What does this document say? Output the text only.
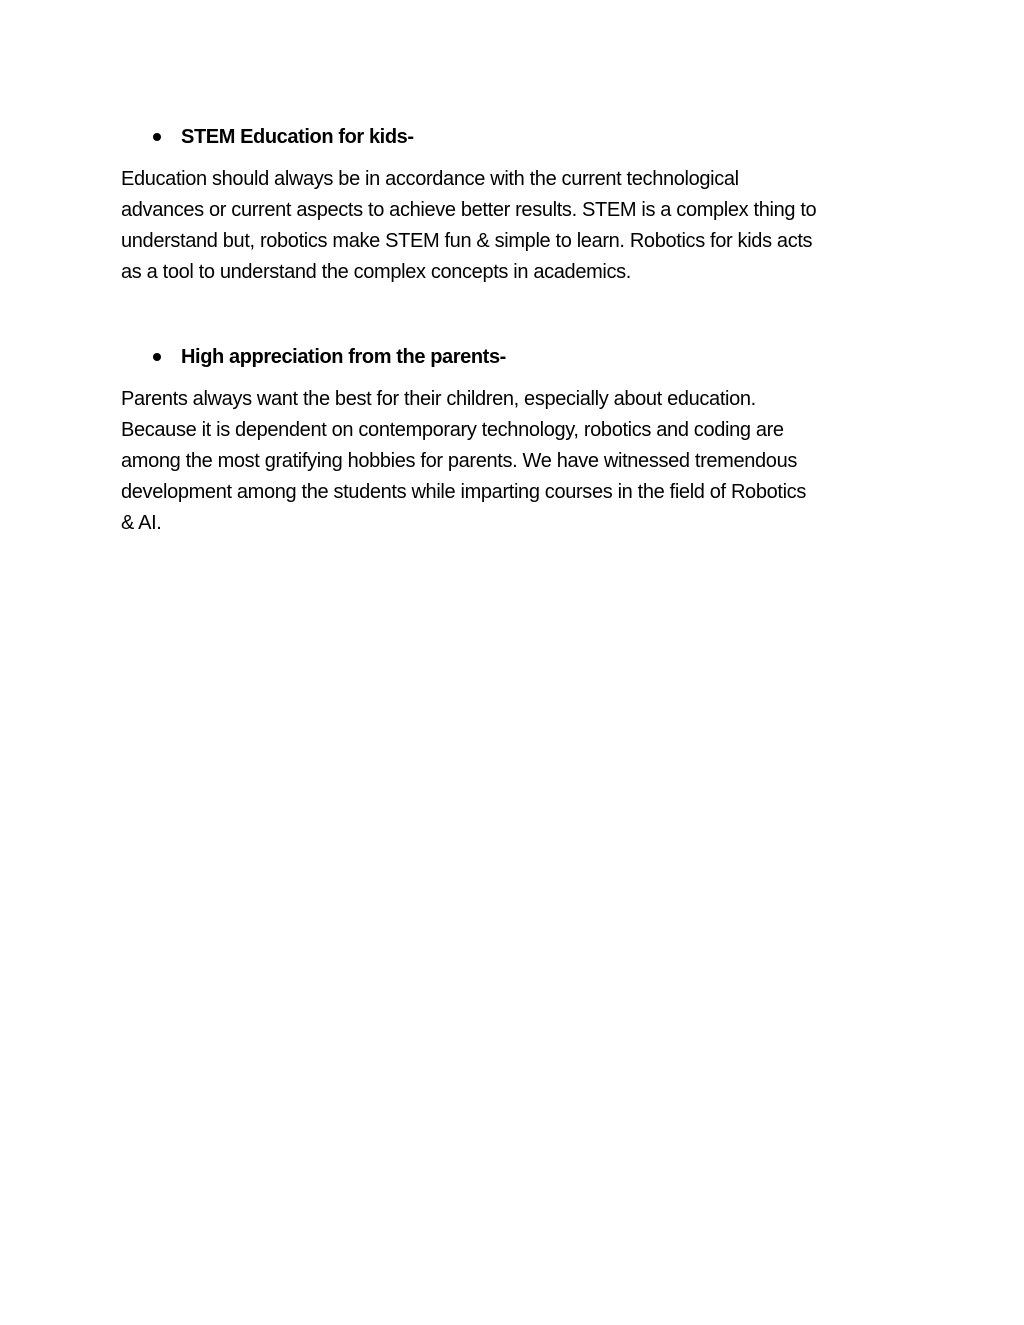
STEM Education for kids-
Education should always be in accordance with the current technological
advances or current aspects to achieve better results. STEM is a complex thing to
understand but, robotics make STEM fun & simple to learn. Robotics for kids acts
as a tool to understand the complex concepts in academics.
High appreciation from the parents-
Parents always want the best for their children, especially about education.
Because it is dependent on contemporary technology, robotics and coding are
among the most gratifying hobbies for parents. We have witnessed tremendous
development among the students while imparting courses in the field of Robotics
& AI.
